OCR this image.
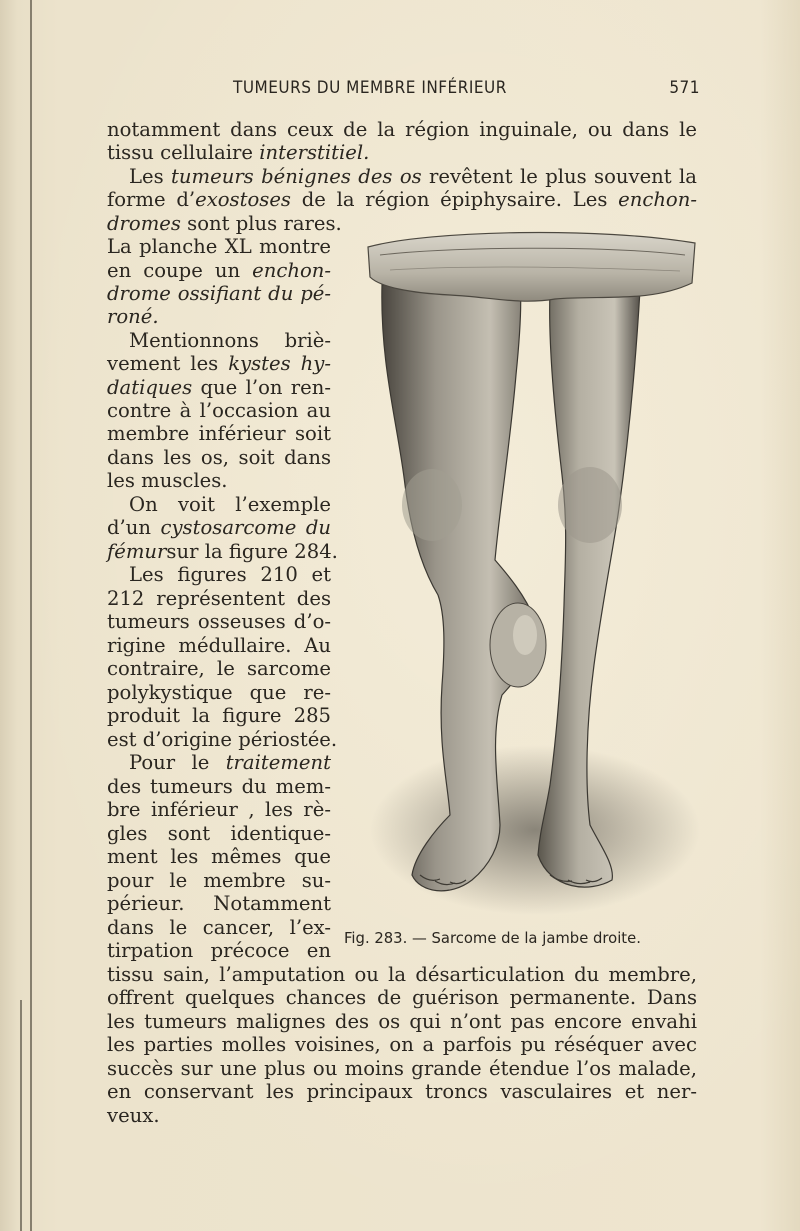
TUMEURS DU MEMBRE INFÉRIEUR	571
notamment dans ceux de la région inguinale, ou dans le
tissu cellulaire interstitiel.
Les tumeurs bénignes des os revêtent le plus souvent la
forme d’exostoses de la région épiphysaire. Les enchon-
dromes sont plus rares.
La planche XL montre
en coupe un enchon-
drome ossifiant du pé-
roné.
Mentionnons briè-
vement les kystes hy-
datiques que l’on ren-
contre à l’occasion au
membre inférieur soit
dans les os, soit dans
les muscles.
On voit l’exemple
d’un cystosarcome du
fémursur la figure 284.
Les figures 210 et
212 représentent des
tumeurs osseuses d’o-
rigine médullaire. Au
contraire, le sarcome
polykystique que re-
produit la figure 285
est d’origine périostée.
Pour le traitement
des tumeurs du mem-
bre inférieur , les rè-
gles sont identique-
ment les mêmes que
pour le membre su-
périeur. Notamment
dans le cancer, l’ex-
tirpation précoce en
tissu sain, l’amputation ou la désarticulation du membre,
offrent quelques chances de guérison permanente. Dans
les tumeurs malignes des os qui n’ont pas encore envahi
les parties molles voisines, on a parfois pu réséquer avec
succès sur une plus ou moins grande étendue l’os malade,
en conservant les principaux troncs vasculaires et ner-
veux.
Fig. 283. — Sarcome de la jambe droite.
